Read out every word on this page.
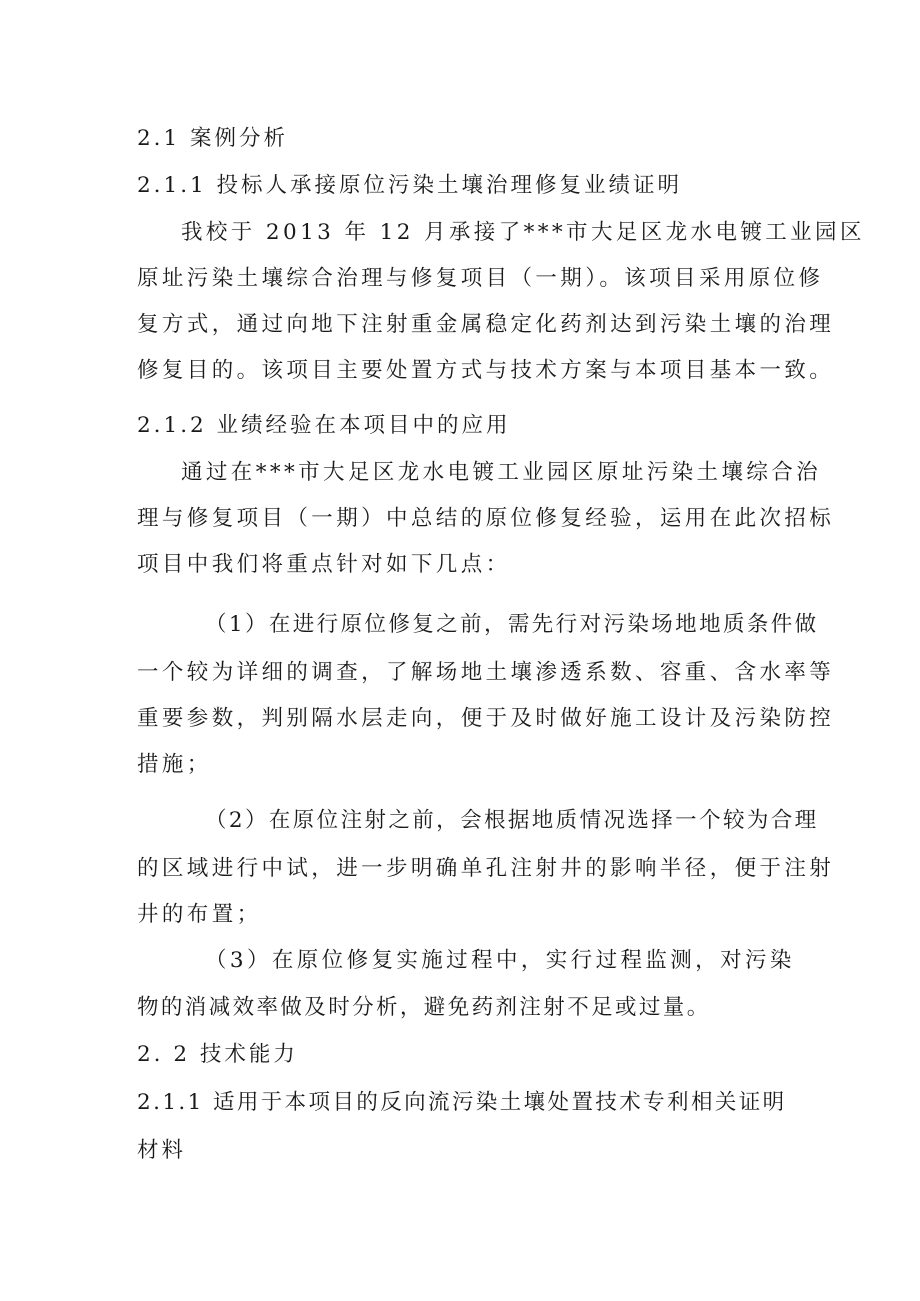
2.1 案例分析
2.1.1 投标人承接原位污染土壤治理修复业绩证明
我校于 2013 年 12 月承接了***市大足区龙水电镀工业园区
原址污染土壤综合治理与修复项目（一期）。该项目采用原位修
复方式，通过向地下注射重金属稳定化药剂达到污染土壤的治理
修复目的。该项目主要处置方式与技术方案与本项目基本一致。
2.1.2 业绩经验在本项目中的应用
通过在***市大足区龙水电镀工业园区原址污染土壤综合治
理与修复项目（一期）中总结的原位修复经验，运用在此次招标
项目中我们将重点针对如下几点：
（1）在进行原位修复之前，需先行对污染场地地质条件做
一个较为详细的调查，了解场地土壤渗透系数、容重、含水率等
重要参数，判别隔水层走向，便于及时做好施工设计及污染防控
措施；
（2）在原位注射之前，会根据地质情况选择一个较为合理
的区域进行中试，进一步明确单孔注射井的影响半径，便于注射
井的布置；
（3）在原位修复实施过程中，实行过程监测，对污染
物的消减效率做及时分析，避免药剂注射不足或过量。
2. 2 技术能力
2.1.1 适用于本项目的反向流污染土壤处置技术专利相关证明
材料
